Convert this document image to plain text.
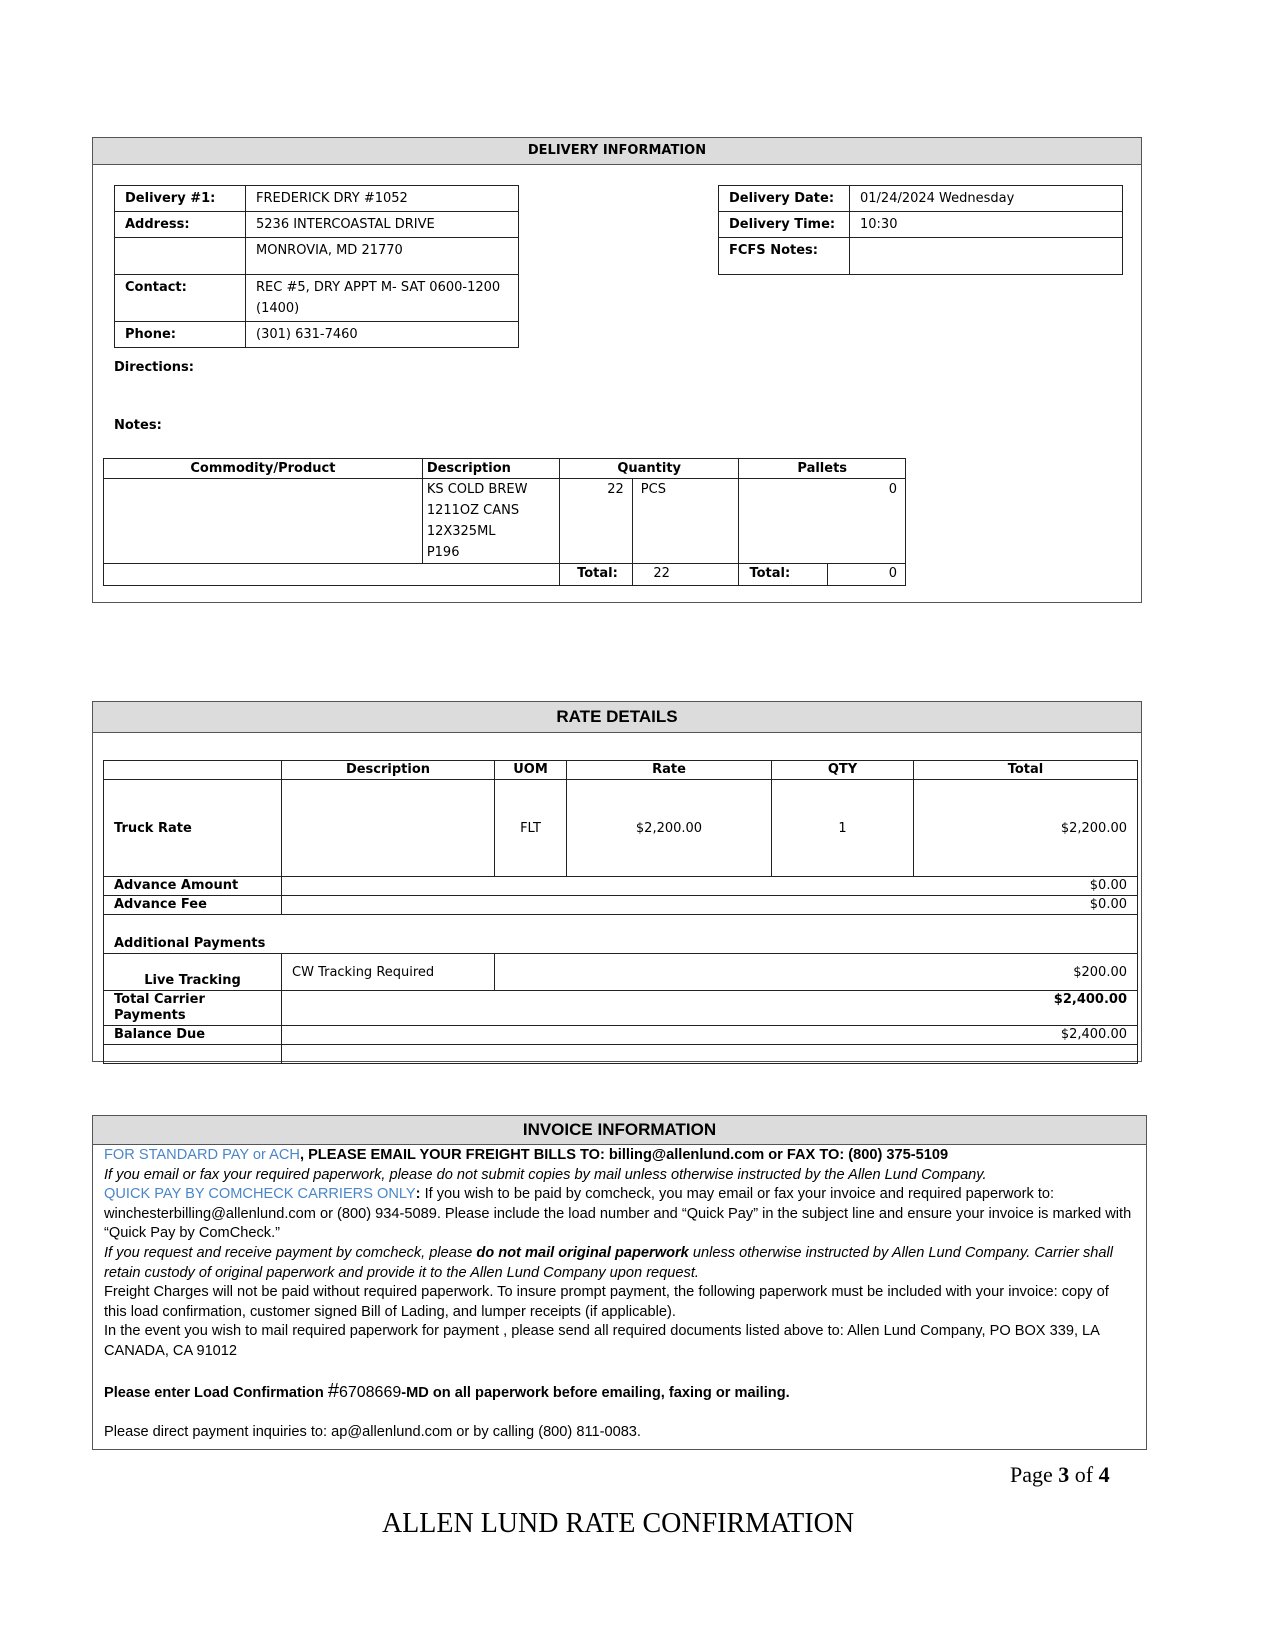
DELIVERY INFORMATION
Delivery #1:	FREDERICK DRY #1052
Address:	5236 INTERCOASTAL DRIVE
	MONROVIA, MD 21770
Contact:	REC #5, DRY APPT M- SAT 0600-1200
(1400)

Phone:	(301) 631-7460
Delivery Date:	01/24/2024 Wednesday
Delivery Time:	10:30
FCFS Notes:	
Directions:
Notes:
Commodity/Product	Description	Quantity		Pallets	

	KS COLD BREW
1211OZ CANS
12X325ML
P196	22	PCS	0	
		Total:	22	Total:	0
RATE DETAILS
	Description	UOM	Rate	QTY	Total
Truck Rate		FLT	$2,200.00	1	$2,200.00
Advance Amount	$0.00				
Advance Fee	$0.00				
Additional Payments					
Live Tracking	CW Tracking Required	$200.00			
Total Carrier Payments	$2,400.00				
Balance Due	$2,400.00				

INVOICE INFORMATION

FOR STANDARD PAY or ACH, PLEASE EMAIL YOUR FREIGHT BILLS TO: billing@allenlund.com or FAX TO: (800) 375-5109

If you email or fax your required paperwork, please do not submit copies by mail unless otherwise instructed by the Allen Lund Company.

QUICK PAY BY COMCHECK CARRIERS ONLY: If you wish to be paid by comcheck, you may email or fax your invoice and required paperwork to: winchesterbilling@allenlund.com or (800) 934-5089. Please include the load number and “Quick Pay” in the subject line and ensure your invoice is marked with “Quick Pay by ComCheck.”

If you request and receive payment by comcheck, please do not mail original paperwork unless otherwise instructed by Allen Lund Company. Carrier shall retain custody of original paperwork and provide it to the Allen Lund Company upon request.

Freight Charges will not be paid without required paperwork. To insure prompt payment, the following paperwork must be included with your invoice: copy of this load confirmation, customer signed Bill of Lading, and lumper receipts (if applicable).

In the event you wish to mail required paperwork for payment , please send all required documents listed above to: Allen Lund Company, PO BOX 339, LA CANADA, CA 91012

Please enter Load Confirmation #6708669-MD on all paperwork before emailing, faxing or mailing.

Please direct payment inquiries to: ap@allenlund.com or by calling (800) 811-0083.

Page 3 of 4
ALLEN LUND RATE CONFIRMATION
